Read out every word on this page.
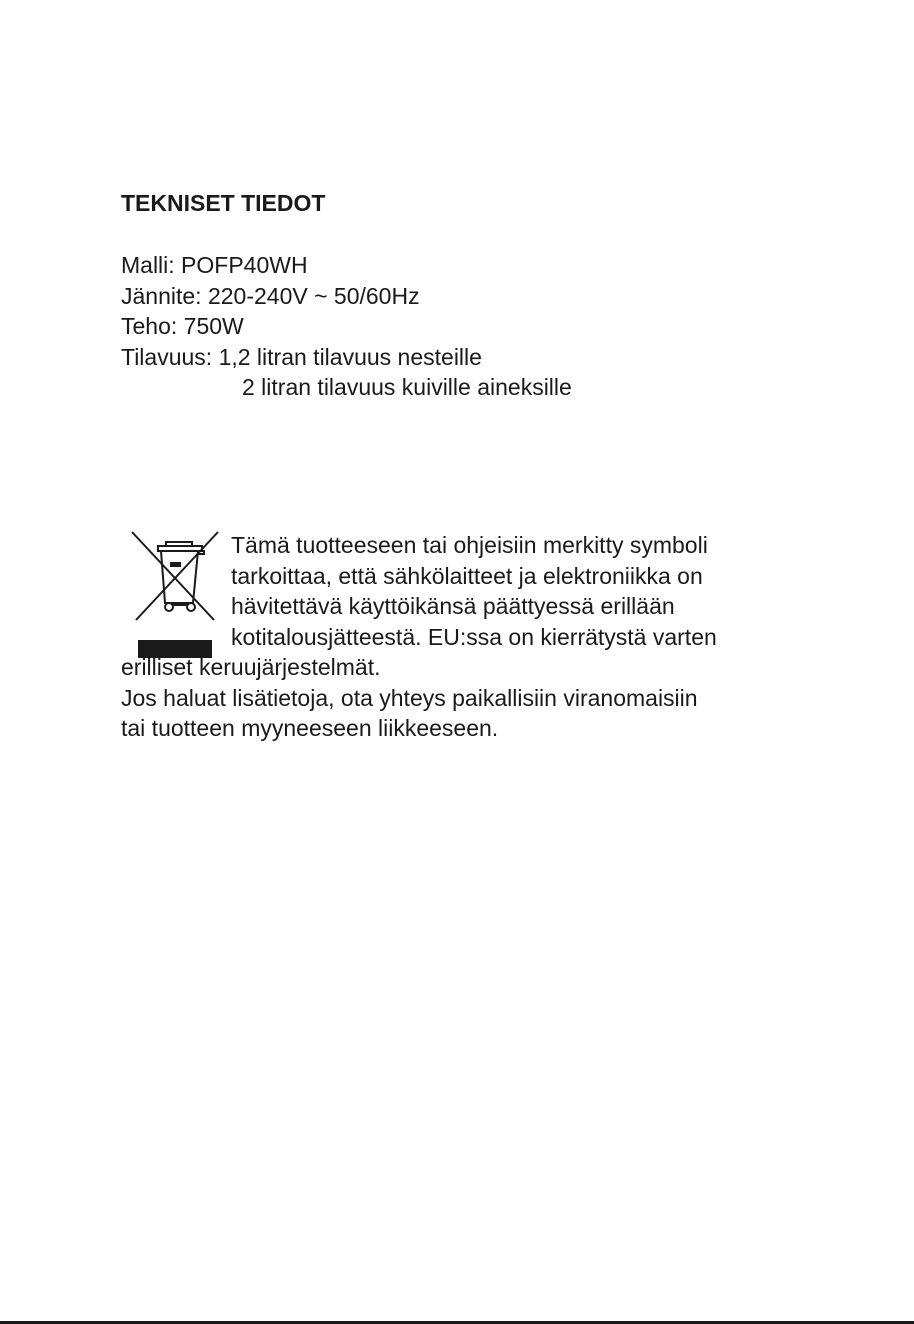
TEKNISET TIEDOT
Malli: POFP40WH
Jännite: 220-240V ~ 50/60Hz
Teho: 750W
Tilavuus: 1,2 litran tilavuus nesteille
2 litran tilavuus kuiville aineksille
Tämä tuotteeseen tai ohjeisiin merkitty symboli
tarkoittaa, että sähkölaitteet ja elektroniikka on
hävitettävä käyttöikänsä päättyessä erillään
kotitalousjätteestä. EU:ssa on kierrätystä varten
erilliset keruujärjestelmät.
Jos haluat lisätietoja, ota yhteys paikallisiin viranomaisiin
tai tuotteen myyneeseen liikkeeseen.
